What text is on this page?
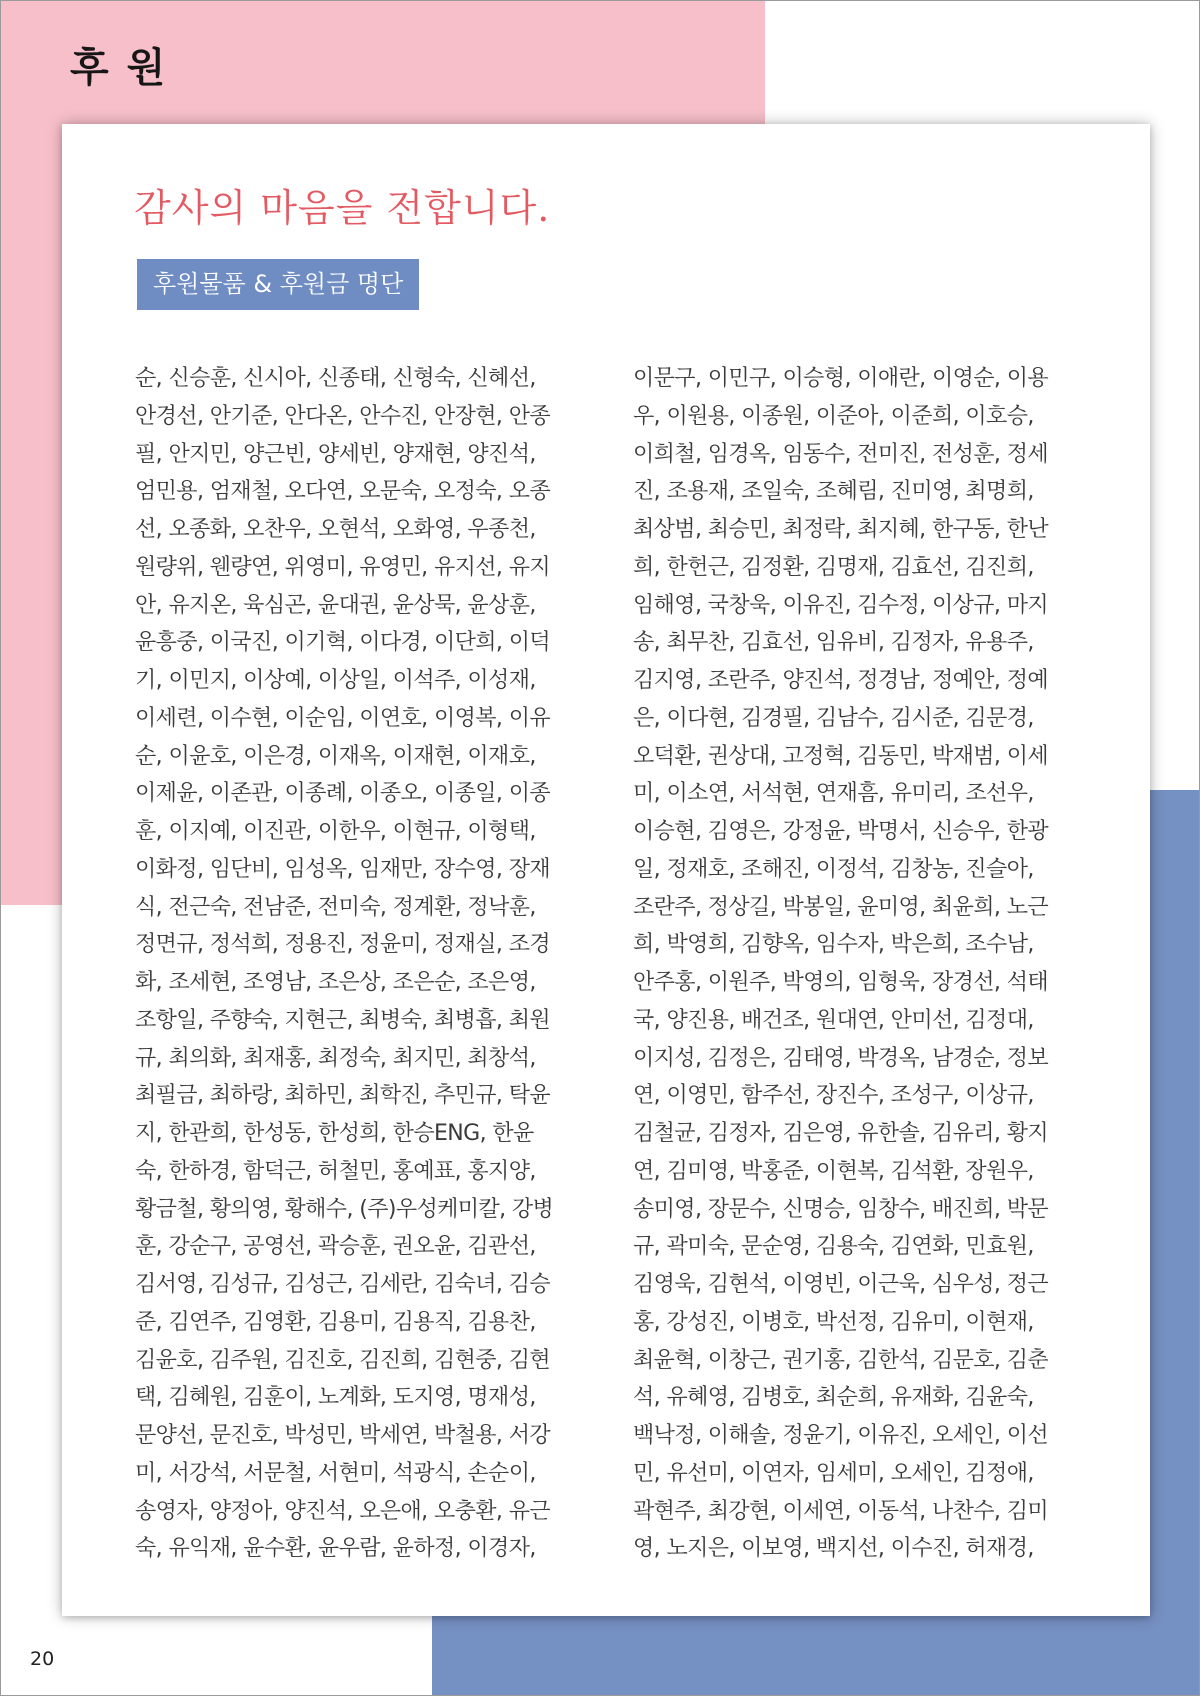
후 원
감사의 마음을 전합니다.
후원물품 & 후원금 명단
순, 신승훈, 신시아, 신종태, 신형숙, 신혜선,
안경선, 안기준, 안다온, 안수진, 안장현, 안종
필, 안지민, 양근빈, 양세빈, 양재현, 양진석,
엄민용, 엄재철, 오다연, 오문숙, 오정숙, 오종
선, 오종화, 오찬우, 오현석, 오화영, 우종천,
원량위, 웬량연, 위영미, 유영민, 유지선, 유지
안, 유지온, 육심곤, 윤대권, 윤상묵, 윤상훈,
윤흥중, 이국진, 이기혁, 이다경, 이단희, 이덕
기, 이민지, 이상예, 이상일, 이석주, 이성재,
이세련, 이수현, 이순임, 이연호, 이영복, 이유
순, 이윤호, 이은경, 이재옥, 이재현, 이재호,
이제윤, 이존관, 이종례, 이종오, 이종일, 이종
훈, 이지예, 이진관, 이한우, 이현규, 이형택,
이화정, 임단비, 임성옥, 임재만, 장수영, 장재
식, 전근숙, 전남준, 전미숙, 정계환, 정낙훈,
정면규, 정석희, 정용진, 정윤미, 정재실, 조경
화, 조세현, 조영남, 조은상, 조은순, 조은영,
조항일, 주향숙, 지현근, 최병숙, 최병흡, 최원
규, 최의화, 최재홍, 최정숙, 최지민, 최창석,
최필금, 최하랑, 최하민, 최학진, 추민규, 탁윤
지, 한관희, 한성동, 한성희, 한승ENG, 한윤
숙, 한하경, 함덕근, 허철민, 홍예표, 홍지양,
황금철, 황의영, 황해수, (주)우성케미칼, 강병
훈, 강순구, 공영선, 곽승훈, 권오윤, 김관선,
김서영, 김성규, 김성근, 김세란, 김숙녀, 김승
준, 김연주, 김영환, 김용미, 김용직, 김용찬,
김윤호, 김주원, 김진호, 김진희, 김현중, 김현
택, 김혜원, 김훈이, 노계화, 도지영, 명재성,
문양선, 문진호, 박성민, 박세연, 박철용, 서강
미, 서강석, 서문철, 서현미, 석광식, 손순이,
송영자, 양정아, 양진석, 오은애, 오충환, 유근
숙, 유익재, 윤수환, 윤우람, 윤하정, 이경자,
이문구, 이민구, 이승형, 이애란, 이영순, 이용
우, 이원용, 이종원, 이준아, 이준희, 이호승,
이희철, 임경옥, 임동수, 전미진, 전성훈, 정세
진, 조용재, 조일숙, 조혜림, 진미영, 최명희,
최상범, 최승민, 최정락, 최지혜, 한구동, 한난
희, 한헌근, 김정환, 김명재, 김효선, 김진희,
임해영, 국창욱, 이유진, 김수정, 이상규, 마지
송, 최무찬, 김효선, 임유비, 김정자, 유용주,
김지영, 조란주, 양진석, 정경남, 정예안, 정예
은, 이다현, 김경필, 김남수, 김시준, 김문경,
오덕환, 권상대, 고정혁, 김동민, 박재범, 이세
미, 이소연, 서석현, 연재흠, 유미리, 조선우,
이승현, 김영은, 강정윤, 박명서, 신승우, 한광
일, 정재호, 조해진, 이정석, 김창농, 진슬아,
조란주, 정상길, 박봉일, 윤미영, 최윤희, 노근
희, 박영희, 김향옥, 임수자, 박은희, 조수남,
안주홍, 이원주, 박영의, 임형욱, 장경선, 석태
국, 양진용, 배건조, 원대연, 안미선, 김정대,
이지성, 김정은, 김태영, 박경옥, 남경순, 정보
연, 이영민, 함주선, 장진수, 조성구, 이상규,
김철균, 김정자, 김은영, 유한솔, 김유리, 황지
연, 김미영, 박홍준, 이현복, 김석환, 장원우,
송미영, 장문수, 신명승, 임창수, 배진희, 박문
규, 곽미숙, 문순영, 김용숙, 김연화, 민효원,
김영욱, 김현석, 이영빈, 이근욱, 심우성, 정근
홍, 강성진, 이병호, 박선정, 김유미, 이현재,
최윤혁, 이창근, 권기홍, 김한석, 김문호, 김춘
석, 유혜영, 김병호, 최순희, 유재화, 김윤숙,
백낙정, 이해솔, 정윤기, 이유진, 오세인, 이선
민, 유선미, 이연자, 임세미, 오세인, 김정애,
곽현주, 최강현, 이세연, 이동석, 나찬수, 김미
영, 노지은, 이보영, 백지선, 이수진, 허재경,
20
